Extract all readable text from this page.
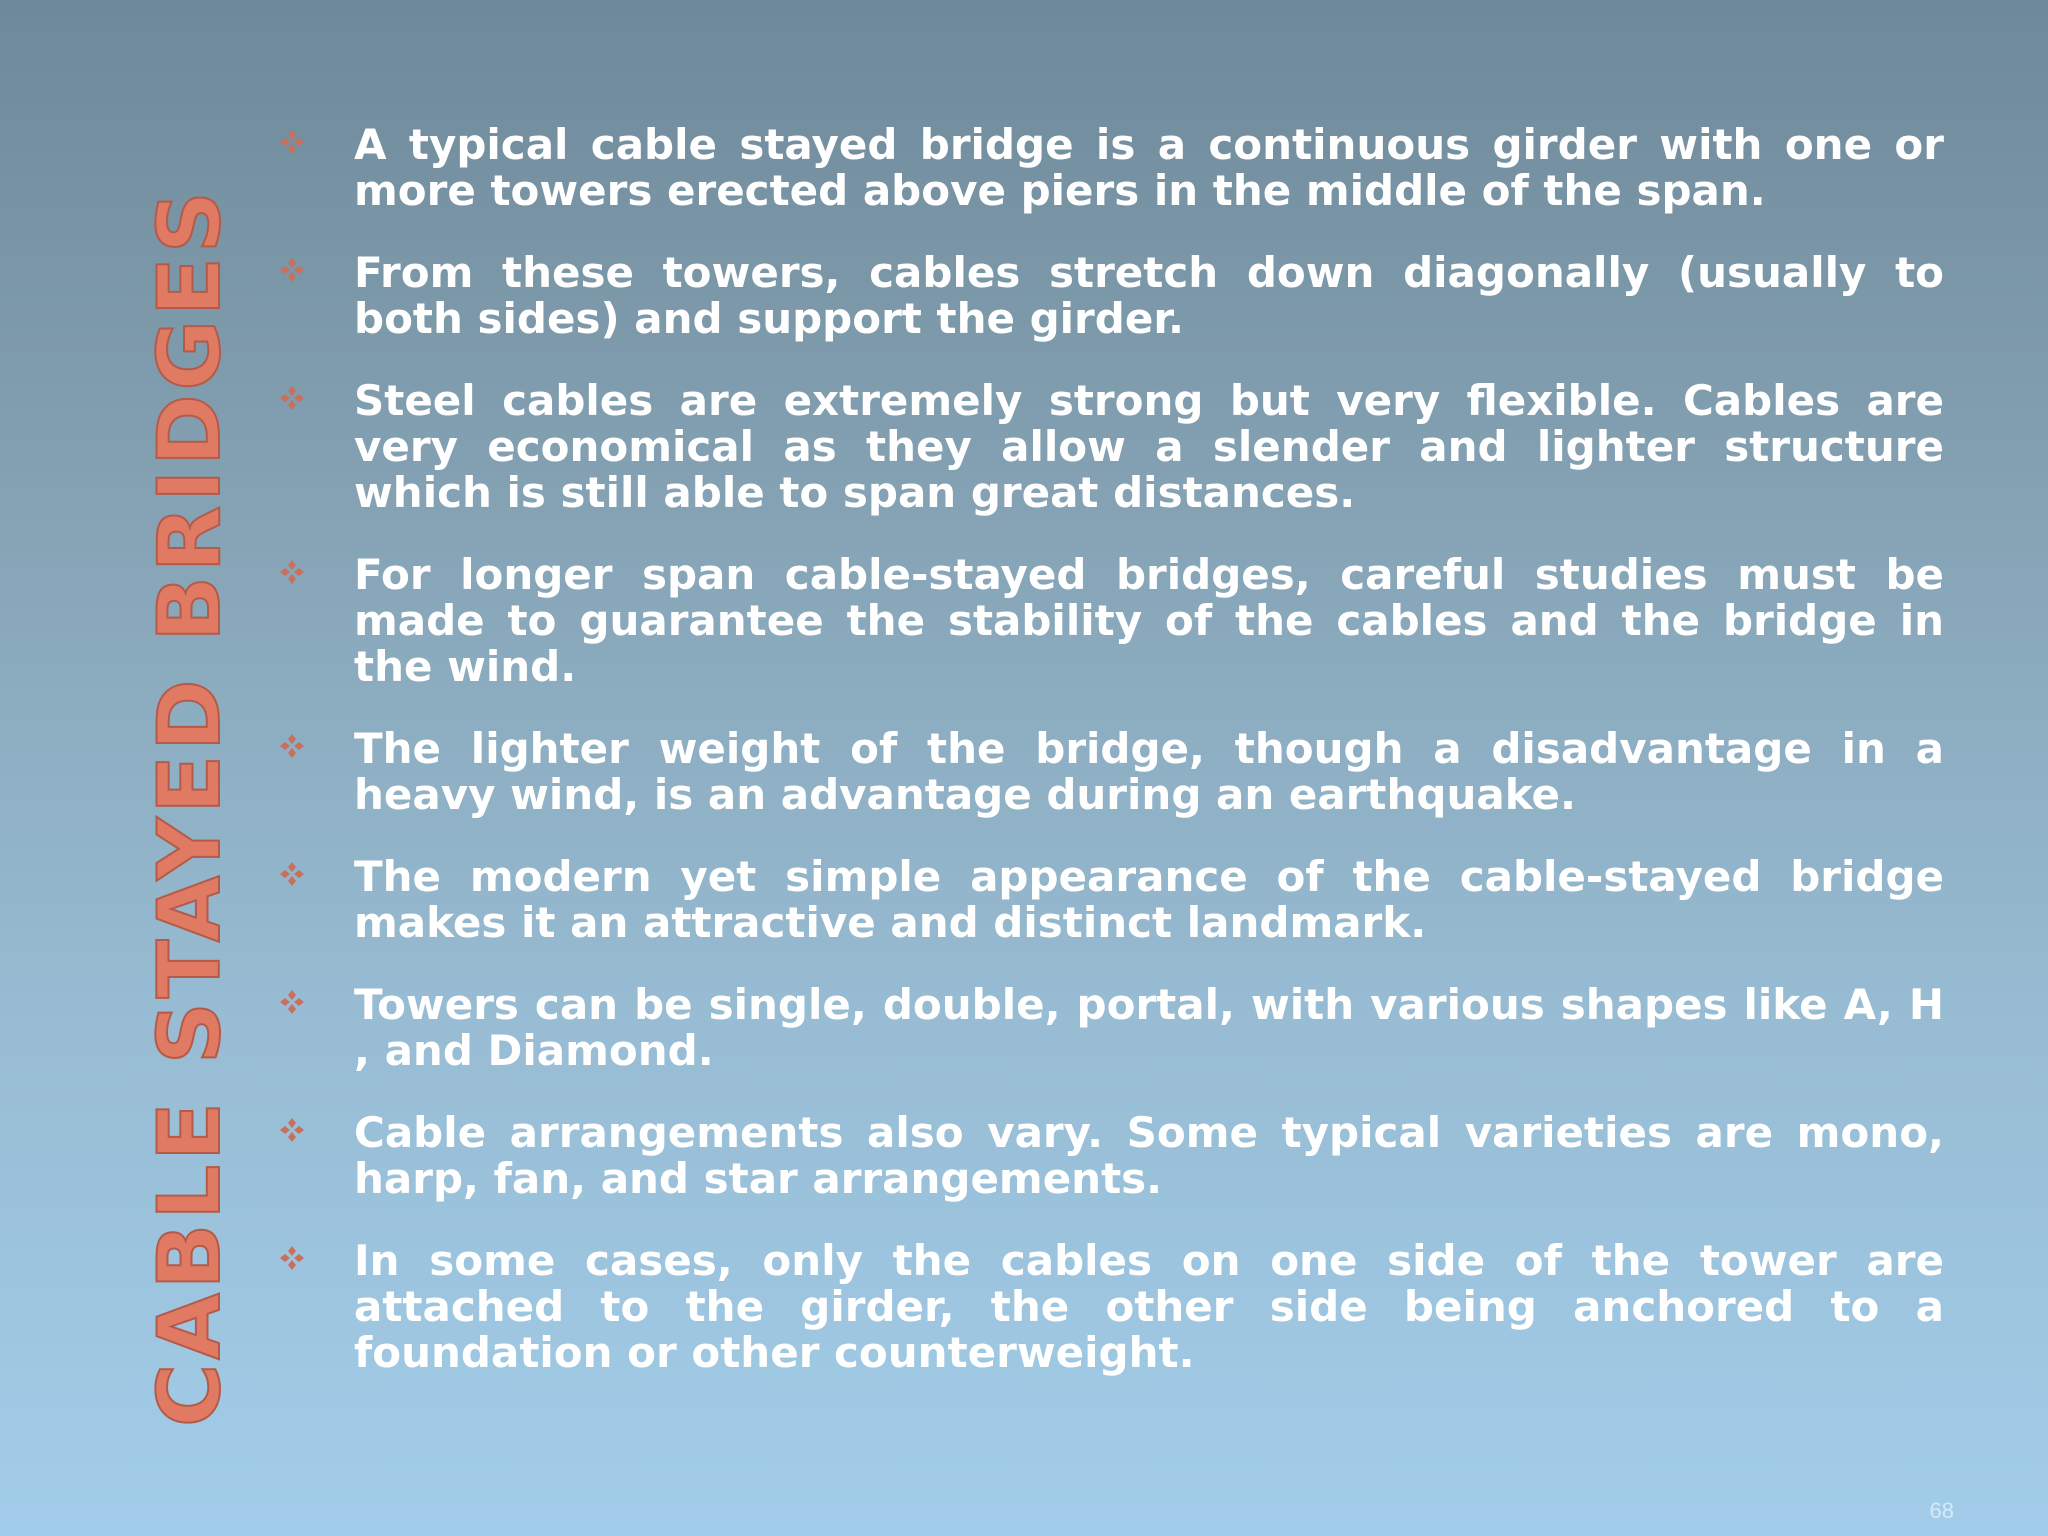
CABLE STAYED BRIDGES
A typical cable stayed bridge is a continuous girder with one or more towers erected above piers in the middle of the span.
From these towers, cables stretch down diagonally (usually to both sides) and support the girder.
Steel cables are extremely strong but very flexible. Cables are very economical as they allow a slender and lighter structure which is still able to span great distances.
For longer span cable-stayed bridges, careful studies must be made to guarantee the stability of the cables and the bridge in the wind.
The lighter weight of the bridge, though a disadvantage in a heavy wind, is an advantage during an earthquake.
The modern yet simple appearance of the cable-stayed bridge makes it an attractive and distinct landmark.
Towers can be single, double, portal, with various shapes like A, H , and Diamond.
Cable arrangements also vary. Some typical varieties are mono, harp, fan, and star arrangements.
In some cases, only the cables on one side of the tower are attached to the girder, the other side being anchored to a foundation or other counterweight.
68
